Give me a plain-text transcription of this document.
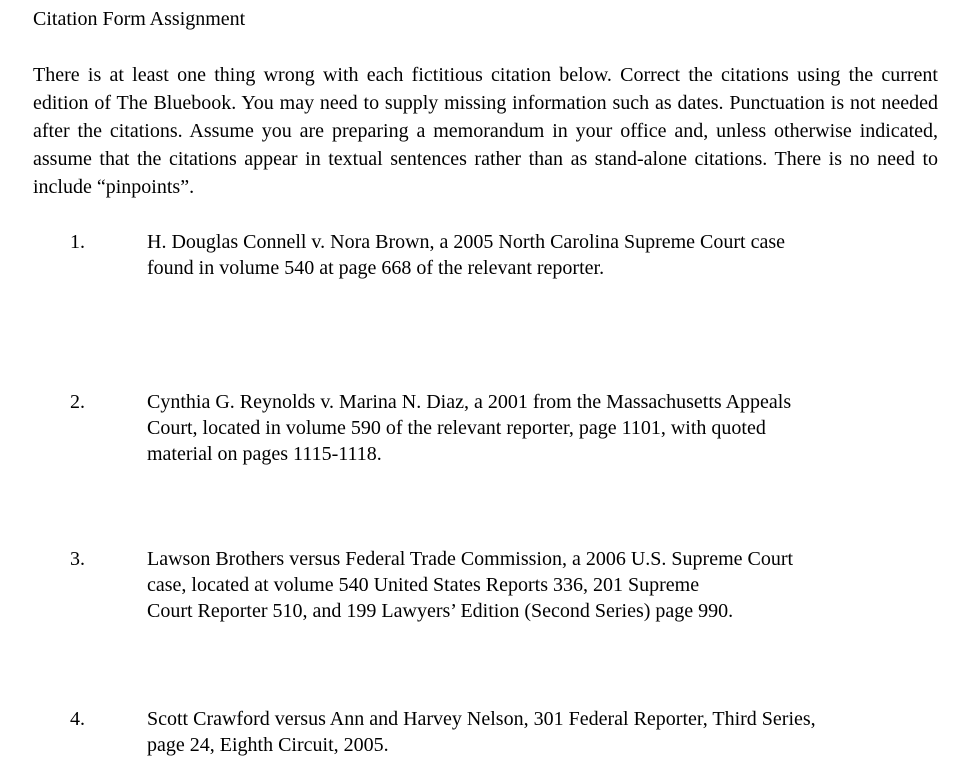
Citation Form Assignment
There is at least one thing wrong with each fictitious citation below. Correct the citations using the current edition of The Bluebook. You may need to supply missing information such as dates. Punctuation is not needed after the citations. Assume you are preparing a memorandum in your office and, unless otherwise indicated, assume that the citations appear in textual sentences rather than as stand-alone citations. There is no need to include “pinpoints”.
1.	H. Douglas Connell v. Nora Brown, a 2005 North Carolina Supreme Court case
found in volume 540 at page 668 of the relevant reporter.
2.	Cynthia G. Reynolds v. Marina N. Diaz, a 2001 from the Massachusetts Appeals
Court, located in volume 590 of the relevant reporter, page 1101, with quoted
material on pages 1115-1118.
3.	Lawson Brothers versus Federal Trade Commission, a 2006 U.S. Supreme Court
case, located at volume 540 United States Reports 336, 201 Supreme
Court Reporter 510, and 199 Lawyers’ Edition (Second Series) page 990.
4.	Scott Crawford versus Ann and Harvey Nelson, 301 Federal Reporter, Third Series,
page 24, Eighth Circuit, 2005.
